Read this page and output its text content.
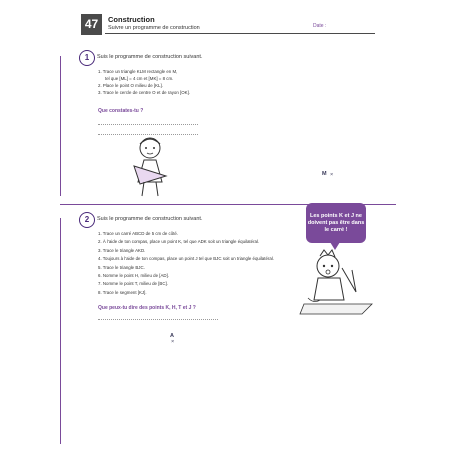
47	Construction
Suivre un programme de construction	Date :
1	Suis le programme de construction suivant.
1. Trace un triangle KLM rectangle en M,
tel que [ML] = 4 cm et [MK] = 8 cm.
2. Place le point O milieu de [KL].
3. Trace le cercle de centre O et de rayon [OK].
Que constates-tu ?
M ×
2	Suis le programme de construction suivant.
1. Trace un carré ABCD de 5 cm de côté.
2. À l'aide de ton compas, place un point K, tel que ADK soit un triangle équilatéral.
3. Trace le triangle AKD.
4. Toujours à l'aide de ton compas, place un point J tel que BJC soit un triangle équilatéral.
5. Trace le triangle BJC.
6. Nomme le point H, milieu de [AD].
7. Nomme le point T, milieu de [BC].
8. Trace le segment [KJ].
Que peux-tu dire des points K, H, T et J ?
A
×
Les points K et J ne doivent pas être dans le carré !
